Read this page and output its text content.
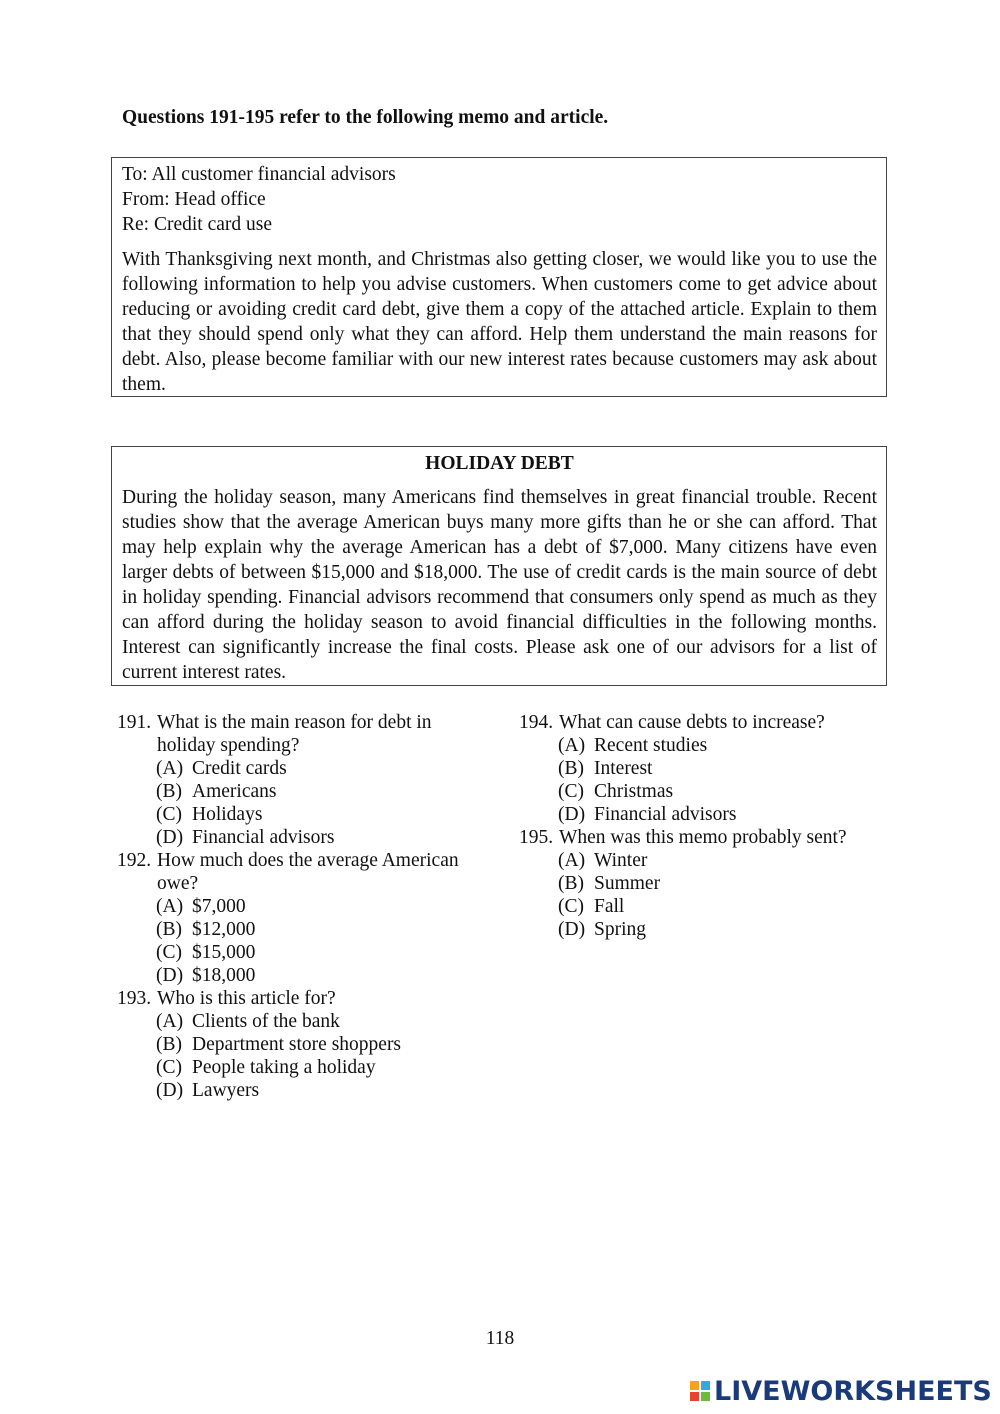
Questions 191-195 refer to the following memo and article.
To: All customer financial advisors
From: Head office
Re: Credit card use
With Thanksgiving next month, and Christmas also getting closer, we would like you to use the following information to help you advise customers. When customers come to get advice about reducing or avoiding credit card debt, give them a copy of the attached article. Explain to them that they should spend only what they can afford. Help them understand the main reasons for debt. Also, please become familiar with our new interest rates because customers may ask about them.
HOLIDAY DEBT
During the holiday season, many Americans find themselves in great financial trouble. Recent studies show that the average American buys many more gifts than he or she can afford. That may help explain why the average American has a debt of $7,000. Many citizens have even larger debts of between $15,000 and $18,000. The use of credit cards is the main source of debt in holiday spending. Financial advisors recommend that consumers only spend as much as they can afford during the holiday season to avoid financial difficulties in the following months. Interest can significantly increase the final costs. Please ask one of our advisors for a list of current interest rates.
191. What is the main reason for debt in holiday spending?
(A) Credit cards
(B) Americans
(C) Holidays
(D) Financial advisors
192. How much does the average American owe?
(A) $7,000
(B) $12,000
(C) $15,000
(D) $18,000
193. Who is this article for?
(A) Clients of the bank
(B) Department store shoppers
(C) People taking a holiday
(D) Lawyers
194. What can cause debts to increase?
(A) Recent studies
(B) Interest
(C) Christmas
(D) Financial advisors
195. When was this memo probably sent?
(A) Winter
(B) Summer
(C) Fall
(D) Spring
118
LIVEWORKSHEETS
